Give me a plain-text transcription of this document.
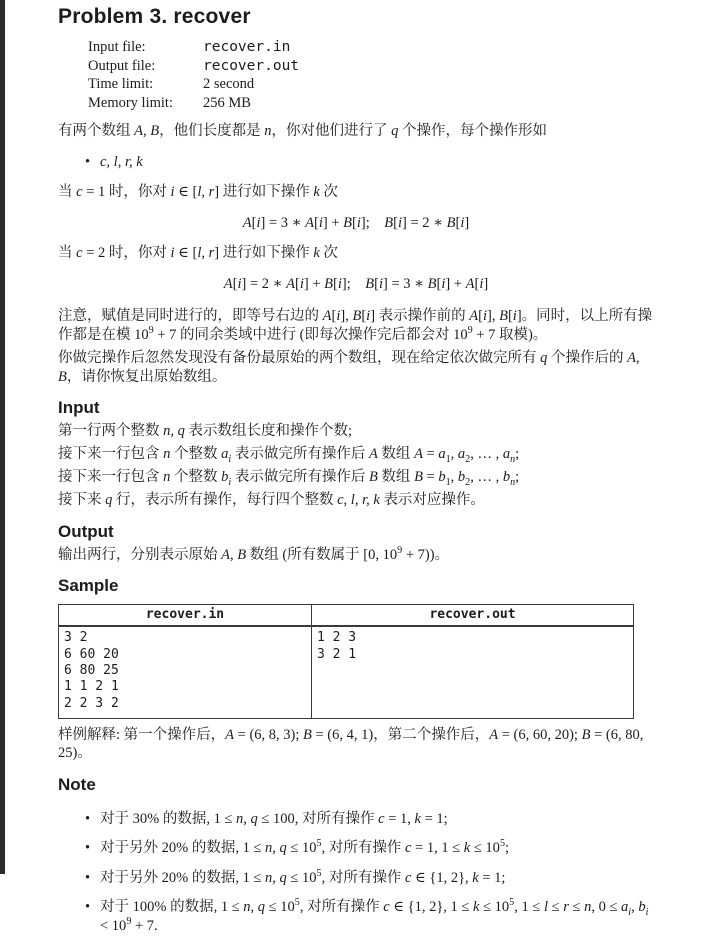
Problem 3. recover
Input file:	recover.in
Output file:	recover.out
Time limit:	2 second
Memory limit:	256 MB

有两个数组 A, B，他们长度都是 n，你对他们进行了 q 个操作，每个操作形如

• c, l, r, k

当 c = 1 时，你对 i ∈ [l, r] 进行如下操作 k 次

A[i] = 3 ∗ A[i] + B[i];    B[i] = 2 ∗ B[i]

当 c = 2 时，你对 i ∈ [l, r] 进行如下操作 k 次

A[i] = 2 ∗ A[i] + B[i];    B[i] = 3 ∗ B[i] + A[i]

注意，赋值是同时进行的，即等号右边的 A[i], B[i] 表示操作前的 A[i], B[i]。同时，以上所有操作都是在模 $10^9 + 7$ 的同余类域中进行 (即每次操作完后都会对 $10^9 + 7$ 取模)。

你做完操作后忽然发现没有备份最原始的两个数组，现在给定依次做完所有 q 个操作后的 A, B，请你恢复出原始数组。

Input

第一行两个整数 n, q 表示数组长度和操作个数;

接下来一行包含 n 个整数 $a_i$ 表示做完所有操作后 A 数组 $A = a_1$, $a_2$, … , $a_n$;

接下来一行包含 n 个整数 $b_i$ 表示做完所有操作后 B 数组 $B = b_1$, $b_2$, … , $b_n$;

接下来 q 行，表示所有操作，每行四个整数 c, l, r, k 表示对应操作。

Output

输出两行，分别表示原始 A, B 数组 (所有数属于 [0, $10^9 + 7$))。

Sample
recover.in	recover.out

3 2
6 60 20
6 80 25
1 1 2 1
2 2 3 2

1 2 3
3 2 1

样例解释: 第一个操作后，A = (6, 8, 3); B = (6, 4, 1)，第二个操作后，A = (6, 60, 20); B = (6, 80, 25)。

Note
• 对于 30% 的数据, 1 ≤ n, q ≤ 100, 对所有操作 c = 1, k = 1;
• 对于另外 20% 的数据, 1 ≤ n, $q \le 10^5$, 对所有操作 c = 1, $1 \le k \le 10^5$;
• 对于另外 20% 的数据, 1 ≤ n, $q \le 10^5$, 对所有操作 c ∈ {1, 2}, k = 1;
• 对于 100% 的数据, 1 ≤ n, $q \le 10^5$, 对所有操作 c ∈ {1, 2}, $1 \le k \le 10^5$, 1 ≤ l ≤ r ≤ n, $0 \le a_i$, $b_i < 10^9 + 7$.
